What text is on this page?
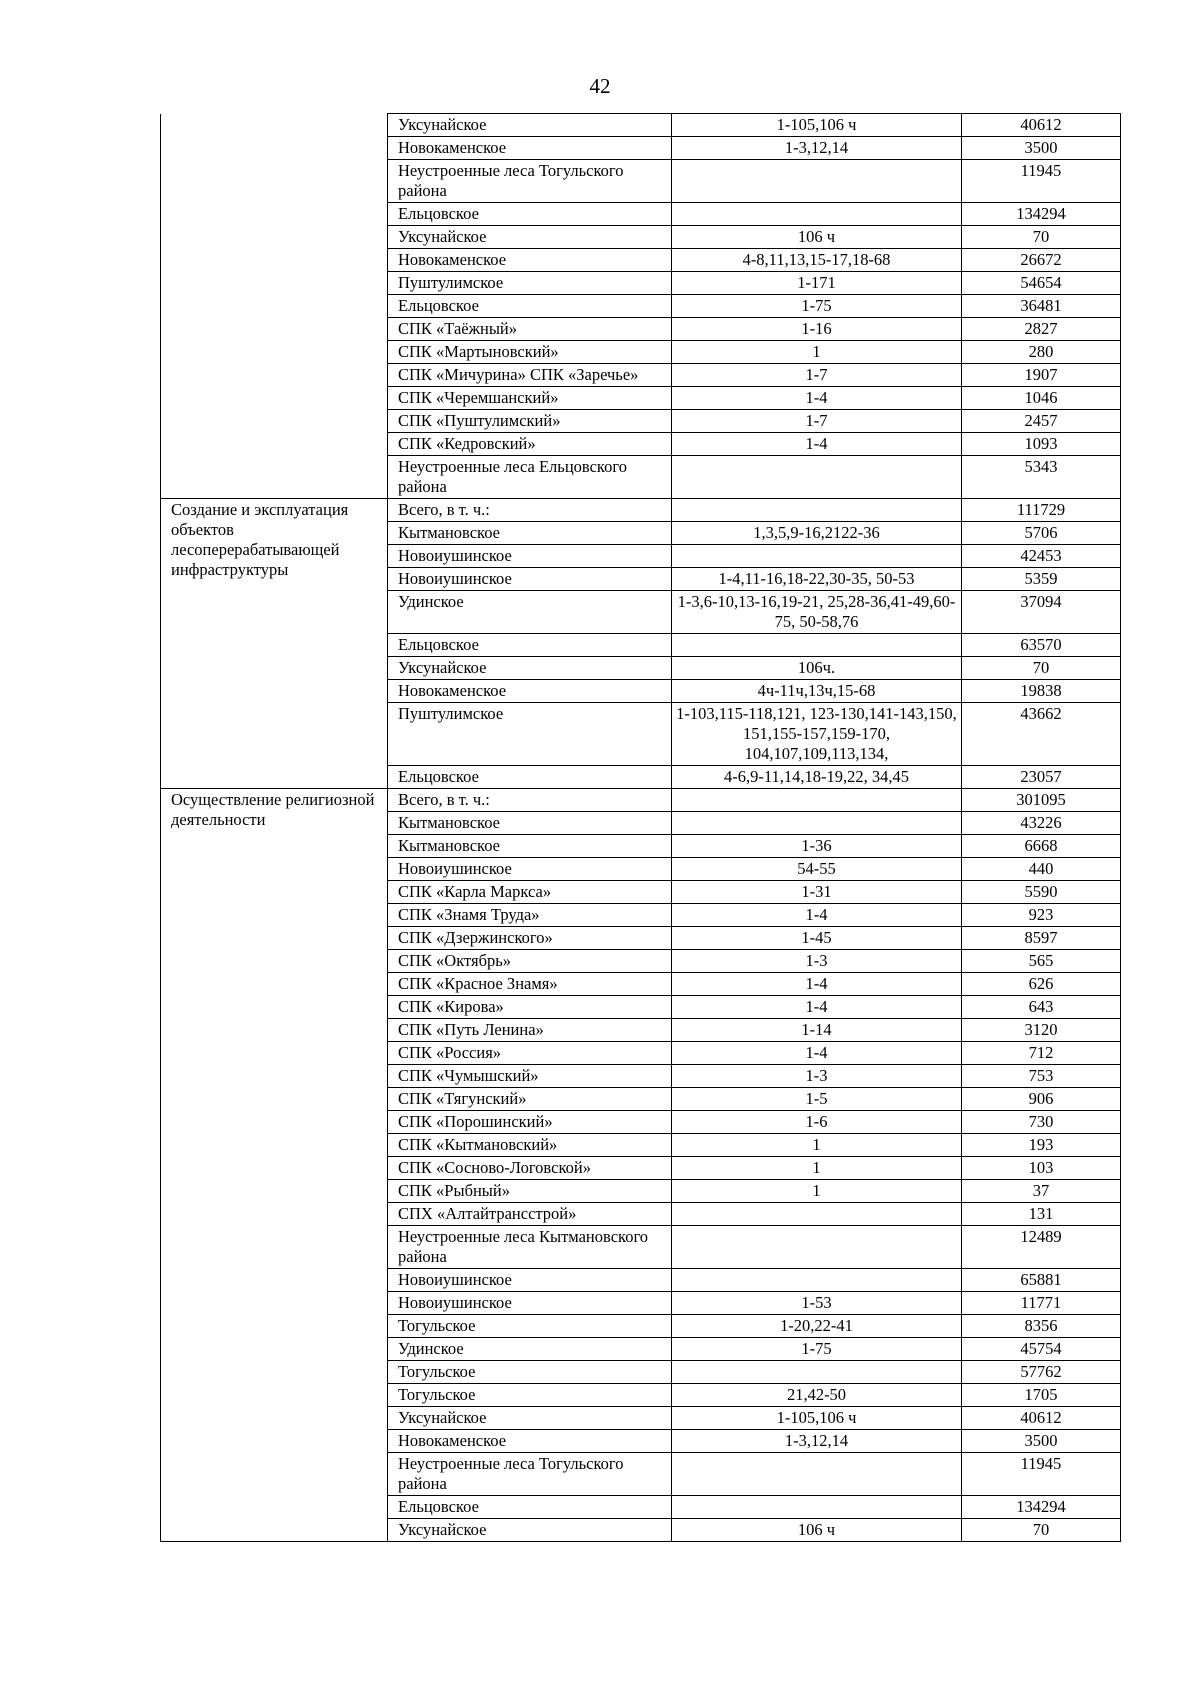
42
	Уксунайское	1-105,106 ч	40612
	Новокаменское	1-3,12,14	3500
	Неустроенные леса Тогульского района		11945
	Ельцовское		134294
	Уксунайское	106 ч	70
	Новокаменское	4-8,11,13,15-17,18-68	26672
	Пуштулимское	1-171	54654
	Ельцовское	1-75	36481
	СПК «Таёжный»	1-16	2827
	СПК «Мартыновский»	1	280
	СПК «Мичурина» СПК «Заречье»	1-7	1907
	СПК «Черемшанский»	1-4	1046
	СПК «Пуштулимский»	1-7	2457
	СПК «Кедровский»	1-4	1093
	Неустроенные леса Ельцовского района		5343
Создание и эксплуатация объектов лесоперерабатывающей инфраструктуры	Всего, в т. ч.:		111729
	Кытмановское	1,3,5,9-16,2122-36	5706
	Новоиушинское		42453
	Новоиушинское	1-4,11-16,18-22,30-35, 50-53	5359
	Удинское	1-3,6-10,13-16,19-21, 25,28-36,41-49,60-75, 50-58,76	37094
	Ельцовское		63570
	Уксунайское	106ч.	70
	Новокаменское	4ч-11ч,13ч,15-68	19838
	Пуштулимское	1-103,115-118,121, 123-130,141-143,150, 151,155-157,159-170, 104,107,109,113,134,	43662
	Ельцовское	4-6,9-11,14,18-19,22, 34,45	23057
Осуществление религиозной деятельности	Всего, в т. ч.:		301095
	Кытмановское		43226
	Кытмановское	1-36	6668
	Новоиушинское	54-55	440
	СПК «Карла Маркса»	1-31	5590
	СПК «Знамя Труда»	1-4	923
	СПК «Дзержинского»	1-45	8597
	СПК «Октябрь»	1-3	565
	СПК «Красное Знамя»	1-4	626
	СПК «Кирова»	1-4	643
	СПК «Путь Ленина»	1-14	3120
	СПК «Россия»	1-4	712
	СПК «Чумышский»	1-3	753
	СПК «Тягунский»	1-5	906
	СПК «Порошинский»	1-6	730
	СПК «Кытмановский»	1	193
	СПК «Сосново-Логовской»	1	103
	СПК «Рыбный»	1	37
	СПХ «Алтайтрансстрой»		131
	Неустроенные леса Кытмановского района		12489
	Новоиушинское		65881
	Новоиушинское	1-53	11771
	Тогульское	1-20,22-41	8356
	Удинское	1-75	45754
	Тогульское		57762
	Тогульское	21,42-50	1705
	Уксунайское	1-105,106 ч	40612
	Новокаменское	1-3,12,14	3500
	Неустроенные леса Тогульского района		11945
	Ельцовское		134294
	Уксунайское	106 ч	70
